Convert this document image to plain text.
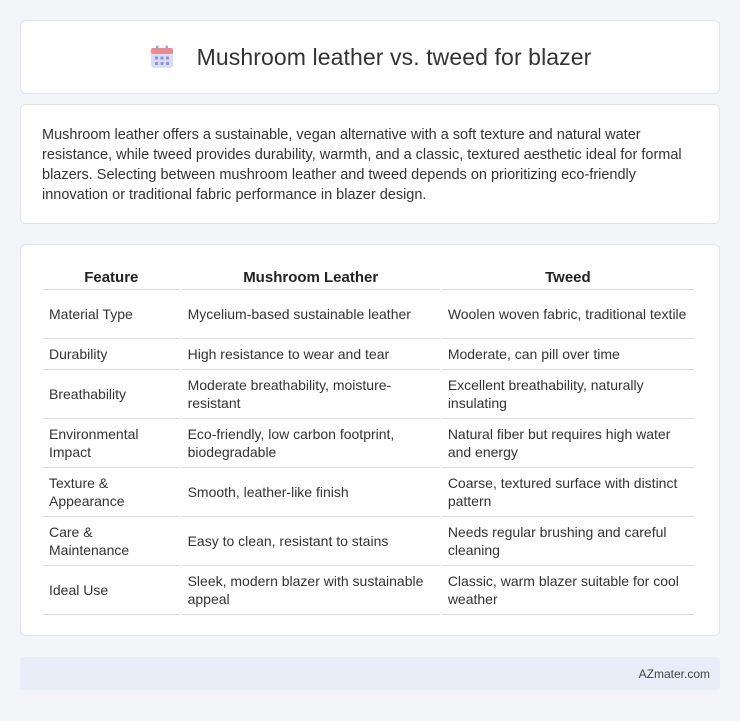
Mushroom leather vs. tweed for blazer

Mushroom leather offers a sustainable, vegan alternative with a soft texture and natural water resistance, while tweed provides durability, warmth, and a classic, textured aesthetic ideal for formal blazers. Selecting between mushroom leather and tweed depends on prioritizing eco-friendly innovation or traditional fabric performance in blazer design.

Feature	Mushroom Leather	Tweed
Material Type	Mycelium-based sustainable leather	Woolen woven fabric, traditional textile
Durability	High resistance to wear and tear	Moderate, can pill over time
Breathability	Moderate breathability, moisture-resistant	Excellent breathability, naturally insulating
Environmental Impact	Eco-friendly, low carbon footprint, biodegradable	Natural fiber but requires high water and energy
Texture & Appearance	Smooth, leather-like finish	Coarse, textured surface with distinct pattern
Care & Maintenance	Easy to clean, resistant to stains	Needs regular brushing and careful cleaning
Ideal Use	Sleek, modern blazer with sustainable appeal	Classic, warm blazer suitable for cool weather
AZmater.com
